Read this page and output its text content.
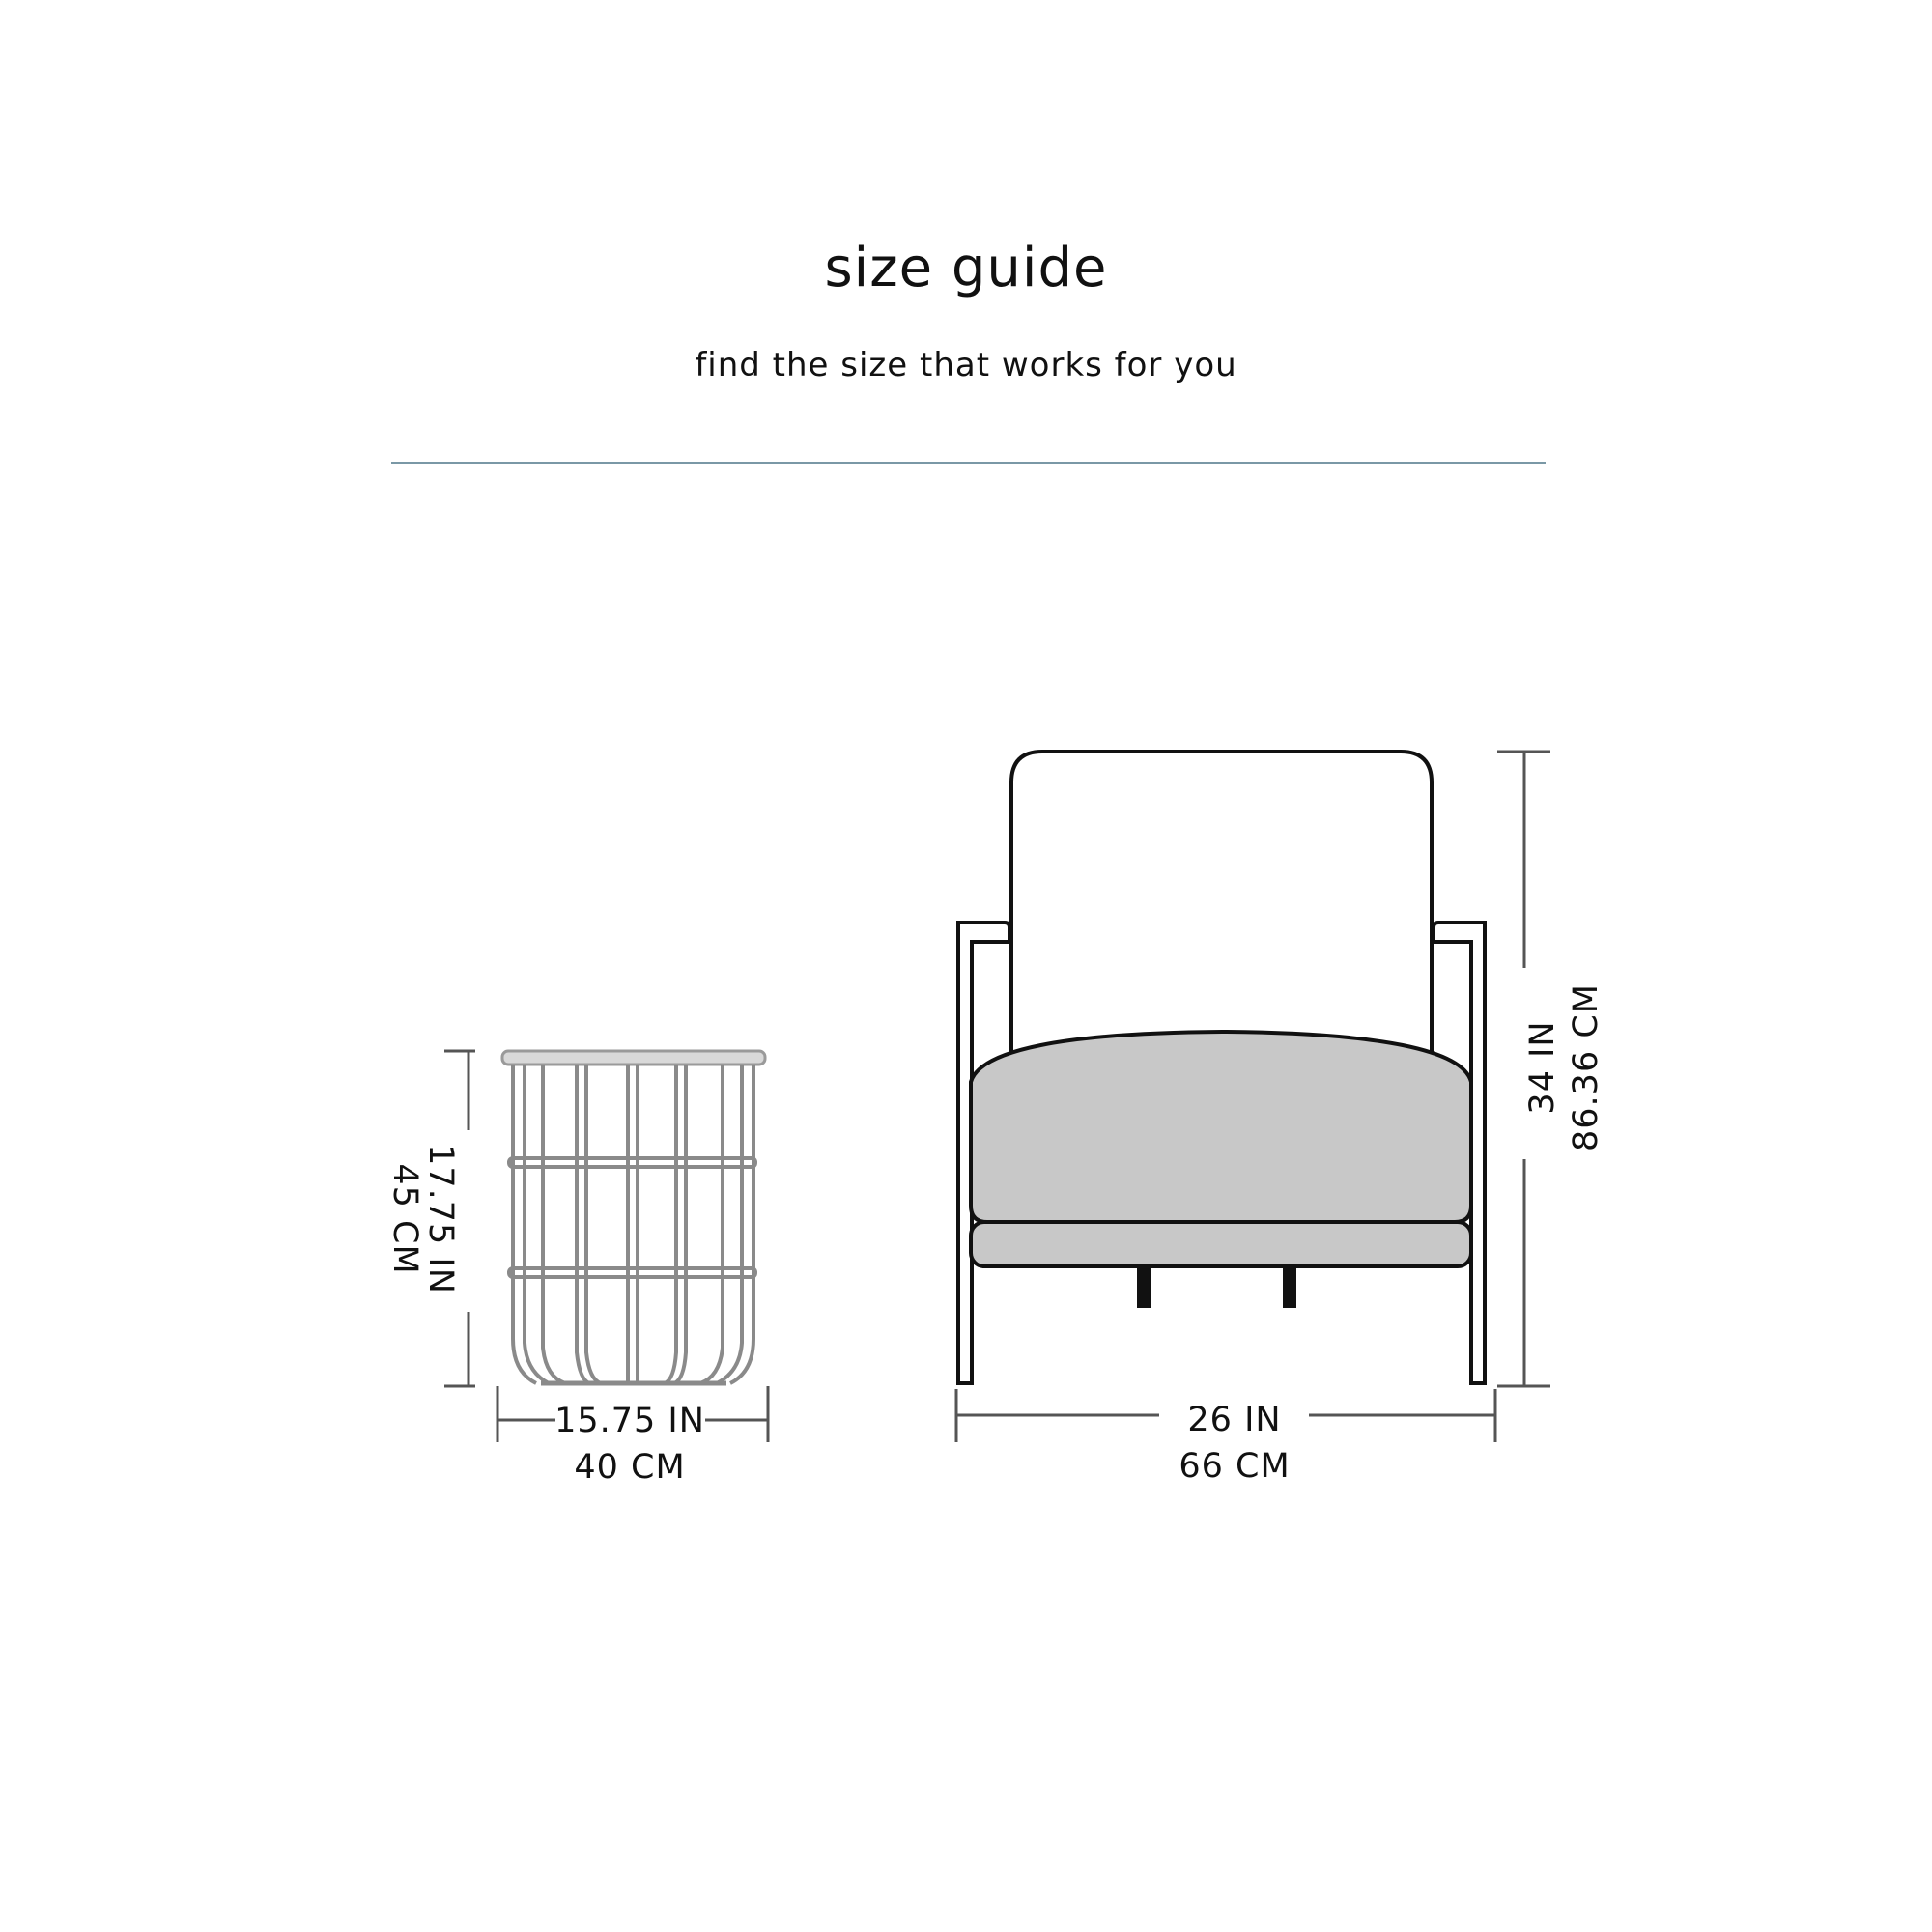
size guide

find the size that works for you

17.75 IN
45 CM
15.75 IN
40 CM
34 IN 86.36 CM
26 IN
66 CM
